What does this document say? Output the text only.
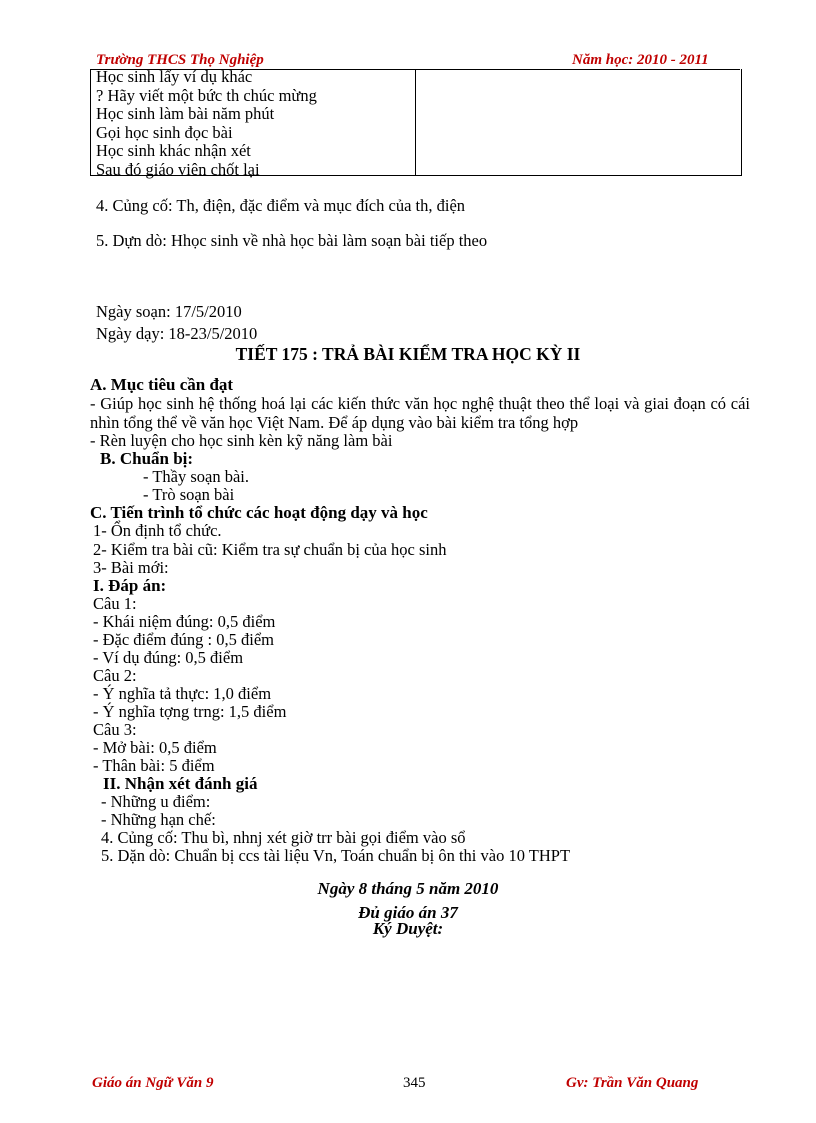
Trường THCS Thọ Nghiệp	Năm học: 2010 - 2011
Học sinh lấy ví dụ khác
? Hãy viết một bức th chúc mừng
Học sinh làm bài năm phút
Gọi học sinh đọc bài
Học sinh khác nhận xét
Sau đó giáo viên chốt lại
4. Củng cố: Th, điện, đặc điểm và mục đích của th, điện
5. Dựn dò: Hhọc sinh về nhà học bài làm soạn bài tiếp theo
Ngày soạn: 17/5/2010
Ngày dạy: 18-23/5/2010
TIẾT 175 : TRẢ BÀI KIỂM TRA HỌC KỲ II
A. Mục tiêu cần đạt
- Giúp học sinh hệ thống hoá lại các kiến thức văn học nghệ thuật theo thể loại và giai đoạn có cái nhìn tổng thể về văn học Việt Nam. Để áp dụng vào bài kiểm tra tổng hợp
- Rèn luyện cho học sinh kèn kỹ năng làm bài
B. Chuẩn bị:
- Thầy soạn bài.
- Trò soạn bài
C. Tiến trình tổ chức các hoạt động dạy và học
1- Ổn định tổ chức.
2- Kiểm tra bài cũ: Kiểm tra sự chuẩn bị của học sinh
3- Bài mới:
I. Đáp án:
Câu 1:
- Khái niệm đúng: 0,5 điểm
- Đặc điểm đúng : 0,5 điểm
- Ví dụ đúng: 0,5 điểm
Câu 2:
- Ý nghĩa tả thực: 1,0 điểm
- Ý nghĩa tợng trng: 1,5 điểm
Câu 3:
- Mở bài: 0,5 điểm
- Thân bài: 5 điểm
II. Nhận xét đánh giá
- Những u điểm:
- Những hạn chế:
4. Củng cố: Thu bì, nhnj xét giờ trr bài gọi điểm vào sổ
5. Dặn dò: Chuẩn bị ccs tài liệu Vn, Toán chuẩn bị ôn thi vào 10 THPT
Ngày 8 tháng 5 năm 2010
Đủ giáo án 37
Ký Duyệt:
Giáo án Ngữ Văn 9	345	Gv: Trần Văn Quang
